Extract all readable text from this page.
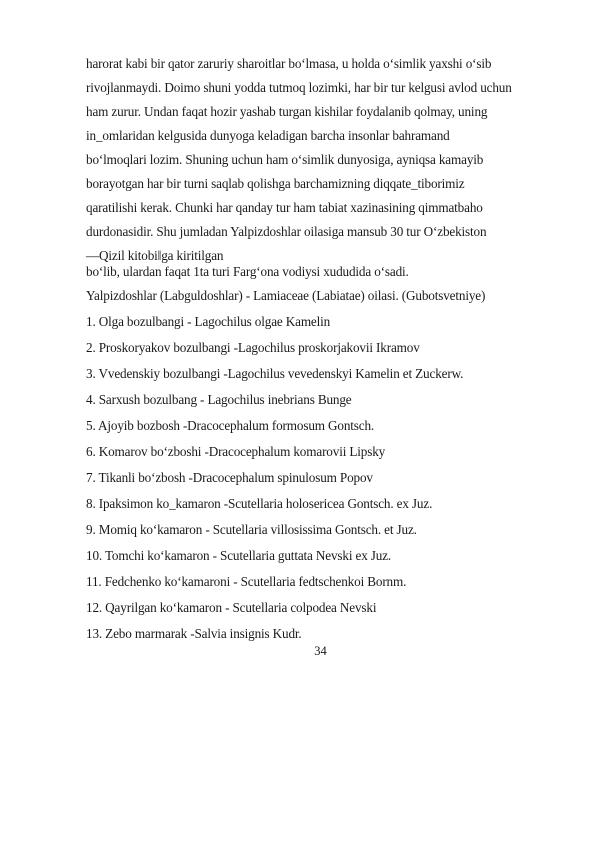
harorat kabi bir qator zaruriy sharoitlar bo‘lmasa, u holda o‘simlik yaxshi o‘sib
rivojlanmaydi. Doimo shuni yodda tutmoq lozimki, har bir tur kelgusi avlod uchun
ham zurur. Undan faqat hozir yashab turgan kishilar foydalanib qolmay, uning
in_omlaridan kelgusida dunyoga keladigan barcha insonlar bahramand
bo‘lmoqlari lozim. Shuning uchun ham o‘simlik dunyosiga, ayniqsa kamayib
borayotgan har bir turni saqlab qolishga barchamizning diqqate_tiborimiz
qaratilishi kerak. Chunki har qanday tur ham tabiat xazinasining qimmatbaho
durdonasidir. Shu jumladan Yalpizdoshlar oilasiga mansub 30 tur O‘zbekiston
―Qizil kitobi‖ga kiritilgan
bo‘lib, ulardan faqat 1ta turi Farg‘ona vodiysi xududida o‘sadi.
Yalpizdoshlar (Labguldoshlar) - Lamiaceae (Labiatae) oilasi. (Gubotsvetniye)
1. Olga bozulbangi - Lagochilus olgae Kamelin
2. Proskoryakov bozulbangi -Lagochilus proskorjakovii Ikramov
3. Vvedenskiy bozulbangi -Lagochilus vevedenskyi Kamelin et Zuckerw.
4. Sarxush bozulbang - Lagochilus inebrians Bunge
5. Ajoyib bozbosh -Dracocephalum formosum Gontsch.
6. Komarov bo‘zboshi -Dracocephalum komarovii Lipsky
7. Tikanli bo‘zbosh -Dracocephalum spinulosum Popov
8. Ipaksimon ko_kamaron -Scutellaria holosericea Gontsch. ex Juz.
9. Momiq ko‘kamaron - Scutellaria villosissima Gontsch. et Juz.
10. Tomchi ko‘kamaron - Scutellaria guttata Nevski ex Juz.
11. Fedchenko ko‘kamaroni - Scutellaria fedtschenkoi Bornm.
12. Qayrilgan ko‘kamaron - Scutellaria colpodea Nevski
13. Zebo marmarak -Salvia insignis Kudr.
34
